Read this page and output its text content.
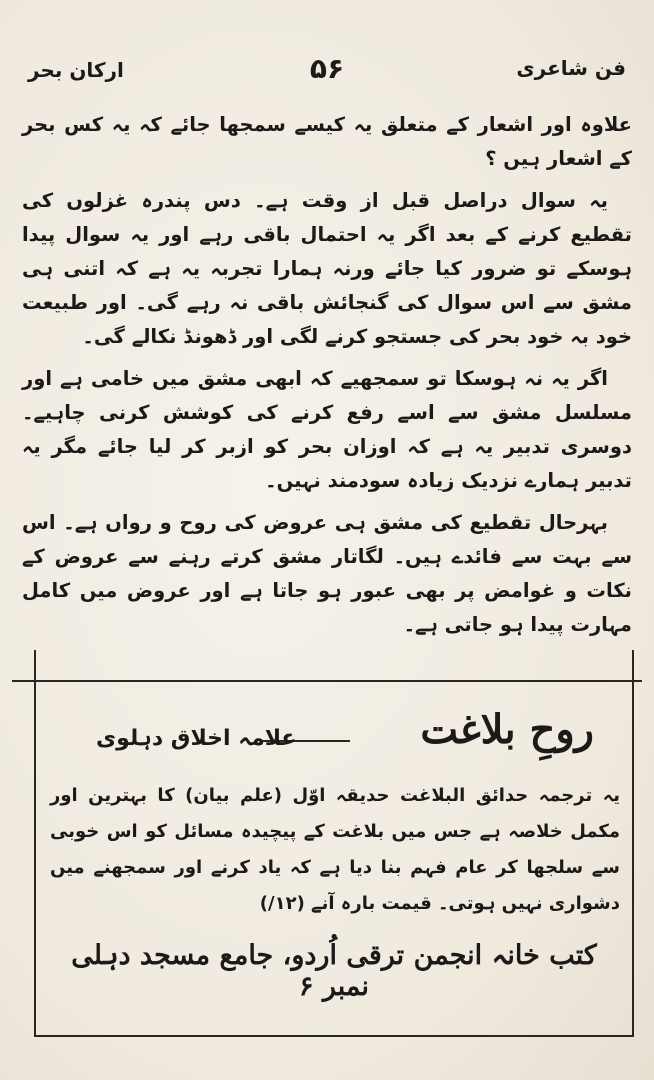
فن شاعری
۵۶
ارکان بحر

علاوہ اور اشعار کے متعلق یہ کیسے سمجھا جائے کہ یہ کس بحر کے اشعار ہیں ؟

یہ سوال دراصل قبل از وقت ہے۔ دس پندرہ غزلوں کی تقطیع کرنے کے بعد اگر یہ احتمال باقی رہے اور یہ سوال پیدا ہوسکے تو ضرور کیا جائے ورنہ ہمارا تجربہ یہ ہے کہ اتنی ہی مشق سے اس سوال کی گنجائش باقی نہ رہے گی۔ اور طبیعت خود بہ خود بحر کی جستجو کرنے لگی اور ڈھونڈ نکالے گی۔

اگر یہ نہ ہوسکا تو سمجھیے کہ ابھی مشق میں خامی ہے اور مسلسل مشق سے اسے رفع کرنے کی کوشش کرنی چاہیے۔ دوسری تدبیر یہ ہے کہ اوزان بحر کو ازبر کر لیا جائے مگر یہ تدبیر ہمارے نزدیک زیادہ سودمند نہیں۔

بہرحال تقطیع کی مشق ہی عروض کی روح و رواں ہے۔ اس سے بہت سے فائدے ہیں۔ لگاتار مشق کرتے رہنے سے عروض کے نکات و غوامض پر بھی عبور ہو جاتا ہے اور عروض میں کامل مہارت پیدا ہو جاتی ہے۔

روحِ بلاغت
علامہ اخلاق دہلوی
یہ ترجمہ حدائق البلاغت حدیقہ اوّل (علم بیان) کا بہترین اور مکمل خلاصہ ہے جس میں بلاغت کے پیچیدہ مسائل کو اس خوبی سے سلجھا کر عام فہم بنا دیا ہے کہ یاد کرنے اور سمجھنے میں دشواری نہیں ہوتی۔ قیمت بارہ آنے (۱۲/)
کتب خانہ انجمن ترقی اُردو، جامع مسجد دہلی نمبر ۶
